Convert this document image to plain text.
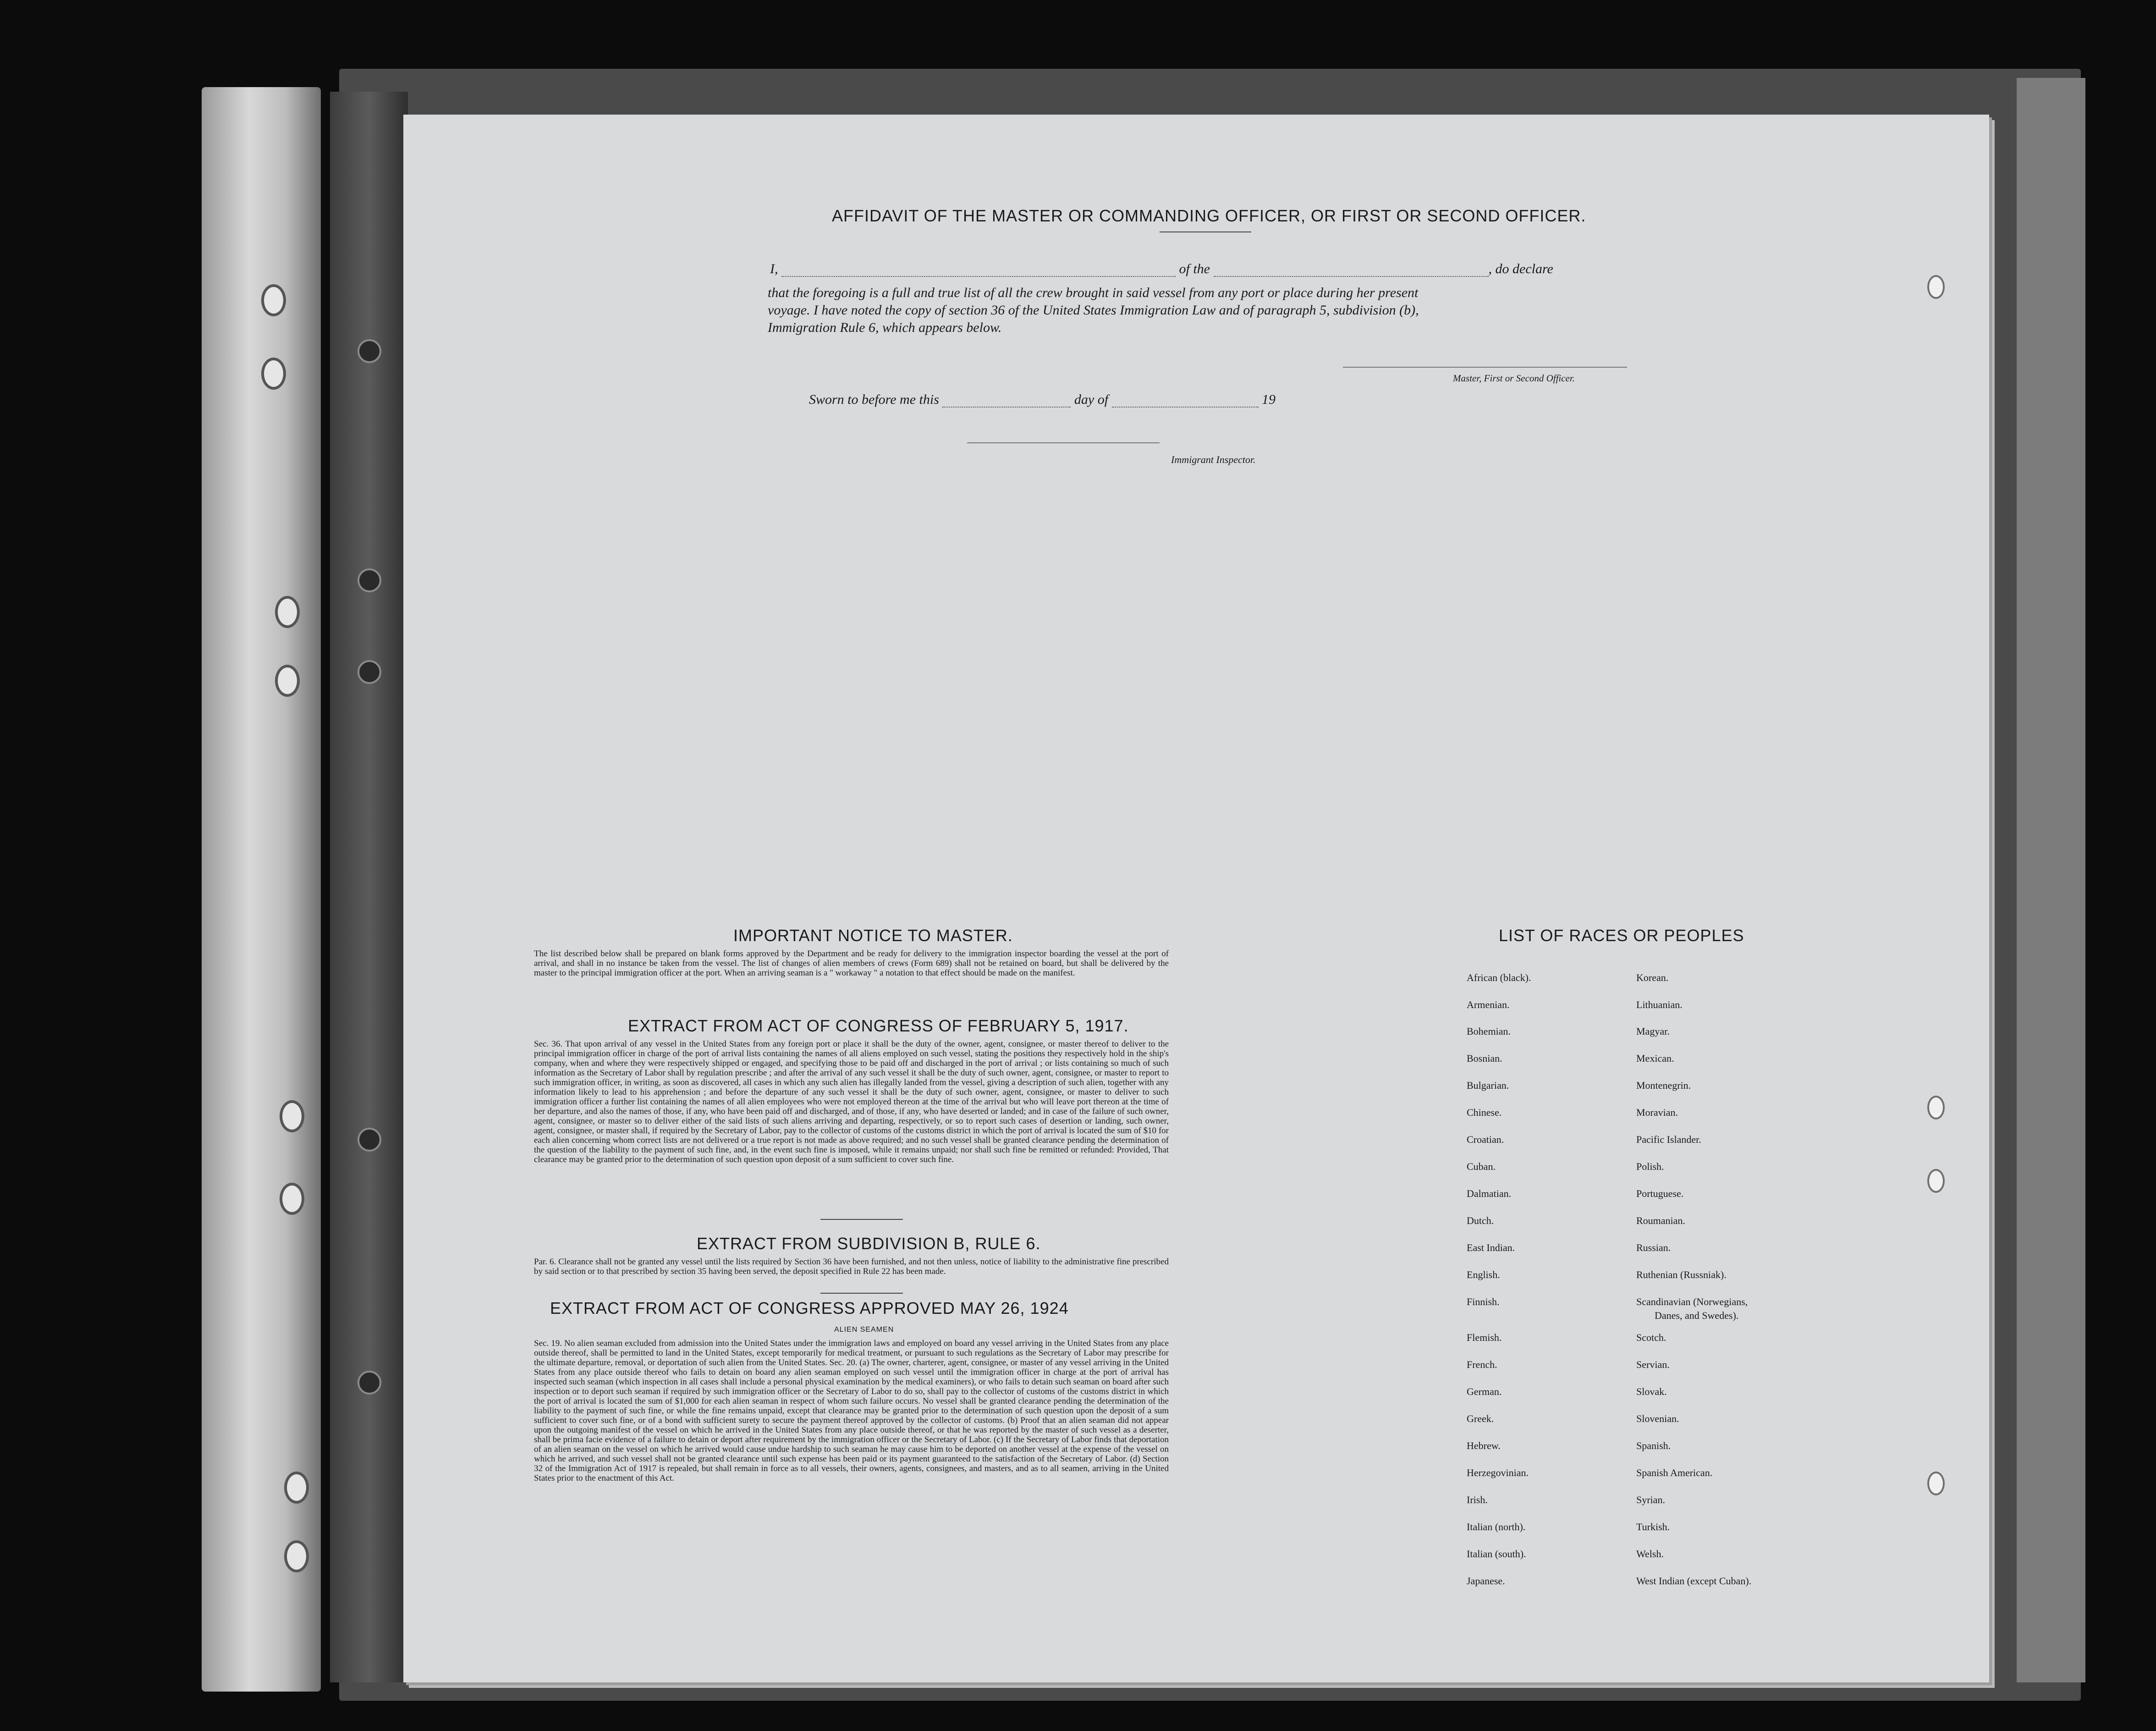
AFFIDAVIT OF THE MASTER OR COMMANDING OFFICER, OR FIRST OR SECOND OFFICER.
I,	of the	, do declare
that the foregoing is a full and true list of all the crew brought in said vessel from any port or place during her present
voyage. I have noted the copy of section 36 of the United States Immigration Law and of paragraph 5, subdivision (b),
Immigration Rule 6, which appears below.
Master, First or Second Officer.
Sworn to before me this	day of	19
Immigrant Inspector.
IMPORTANT NOTICE TO MASTER.
The list described below shall be prepared on blank forms approved by the Department and be ready for delivery to the immigration inspector boarding the vessel at the port of arrival, and shall in no instance be taken from the vessel. The list of changes of alien members of crews (Form 689) shall not be retained on board, but shall be delivered by the master to the principal immigration officer at the port. When an arriving seaman is a " workaway " a notation to that effect should be made on the manifest.
EXTRACT FROM ACT OF CONGRESS OF FEBRUARY 5, 1917.
Sec. 36. That upon arrival of any vessel in the United States from any foreign port or place it shall be the duty of the owner, agent, consignee, or master thereof to deliver to the principal immigration officer in charge of the port of arrival lists containing the names of all aliens employed on such vessel, stating the positions they respectively hold in the ship's company, when and where they were respectively shipped or engaged, and specifying those to be paid off and discharged in the port of arrival ; or lists containing so much of such information as the Secretary of Labor shall by regulation prescribe ; and after the arrival of any such vessel it shall be the duty of such owner, agent, consignee, or master to report to such immigration officer, in writing, as soon as discovered, all cases in which any such alien has illegally landed from the vessel, giving a description of such alien, together with any information likely to lead to his apprehension ; and before the departure of any such vessel it shall be the duty of such owner, agent, consignee, or master to deliver to such immigration officer a further list containing the names of all alien employees who were not employed thereon at the time of the arrival but who will leave port thereon at the time of her departure, and also the names of those, if any, who have been paid off and discharged, and of those, if any, who have deserted or landed; and in case of the failure of such owner, agent, consignee, or master so to deliver either of the said lists of such aliens arriving and departing, respectively, or so to report such cases of desertion or landing, such owner, agent, consignee, or master shall, if required by the Secretary of Labor, pay to the collector of customs of the customs district in which the port of arrival is located the sum of $10 for each alien concerning whom correct lists are not delivered or a true report is not made as above required; and no such vessel shall be granted clearance pending the determination of the question of the liability to the payment of such fine, and, in the event such fine is imposed, while it remains unpaid; nor shall such fine be remitted or refunded: Provided, That clearance may be granted prior to the determination of such question upon deposit of a sum sufficient to cover such fine.
EXTRACT FROM SUBDIVISION B, RULE 6.
Par. 6. Clearance shall not be granted any vessel until the lists required by Section 36 have been furnished, and not then unless, notice of liability to the administrative fine prescribed by said section or to that prescribed by section 35 having been served, the deposit specified in Rule 22 has been made.
EXTRACT FROM ACT OF CONGRESS APPROVED MAY 26, 1924
ALIEN SEAMEN
Sec. 19. No alien seaman excluded from admission into the United States under the immigration laws and employed on board any vessel arriving in the United States from any place outside thereof, shall be permitted to land in the United States, except temporarily for medical treatment, or pursuant to such regulations as the Secretary of Labor may prescribe for the ultimate departure, removal, or deportation of such alien from the United States. Sec. 20. (a) The owner, charterer, agent, consignee, or master of any vessel arriving in the United States from any place outside thereof who fails to detain on board any alien seaman employed on such vessel until the immigration officer in charge at the port of arrival has inspected such seaman (which inspection in all cases shall include a personal physical examination by the medical examiners), or who fails to detain such seaman on board after such inspection or to deport such seaman if required by such immigration officer or the Secretary of Labor to do so, shall pay to the collector of customs of the customs district in which the port of arrival is located the sum of $1,000 for each alien seaman in respect of whom such failure occurs. No vessel shall be granted clearance pending the determination of the liability to the payment of such fine, or while the fine remains unpaid, except that clearance may be granted prior to the determination of such question upon the deposit of a sum sufficient to cover such fine, or of a bond with sufficient surety to secure the payment thereof approved by the collector of customs. (b) Proof that an alien seaman did not appear upon the outgoing manifest of the vessel on which he arrived in the United States from any place outside thereof, or that he was reported by the master of such vessel as a deserter, shall be prima facie evidence of a failure to detain or deport after requirement by the immigration officer or the Secretary of Labor. (c) If the Secretary of Labor finds that deportation of an alien seaman on the vessel on which he arrived would cause undue hardship to such seaman he may cause him to be deported on another vessel at the expense of the vessel on which he arrived, and such vessel shall not be granted clearance until such expense has been paid or its payment guaranteed to the satisfaction of the Secretary of Labor. (d) Section 32 of the Immigration Act of 1917 is repealed, but shall remain in force as to all vessels, their owners, agents, consignees, and masters, and as to all seamen, arriving in the United States prior to the enactment of this Act.
LIST OF RACES OR PEOPLES
African (black).
Armenian.
Bohemian.
Bosnian.
Bulgarian.
Chinese.
Croatian.
Cuban.
Dalmatian.
Dutch.
East Indian.
English.
Finnish.
Flemish.
French.
German.
Greek.
Hebrew.
Herzegovinian.
Irish.
Italian (north).
Italian (south).
Japanese.
Korean.
Lithuanian.
Magyar.
Mexican.
Montenegrin.
Moravian.
Pacific Islander.
Polish.
Portuguese.
Roumanian.
Russian.
Ruthenian (Russniak).
Scandinavian (Norwegians,
Danes, and Swedes).
Scotch.
Servian.
Slovak.
Slovenian.
Spanish.
Spanish American.
Syrian.
Turkish.
Welsh.
West Indian (except Cuban).
